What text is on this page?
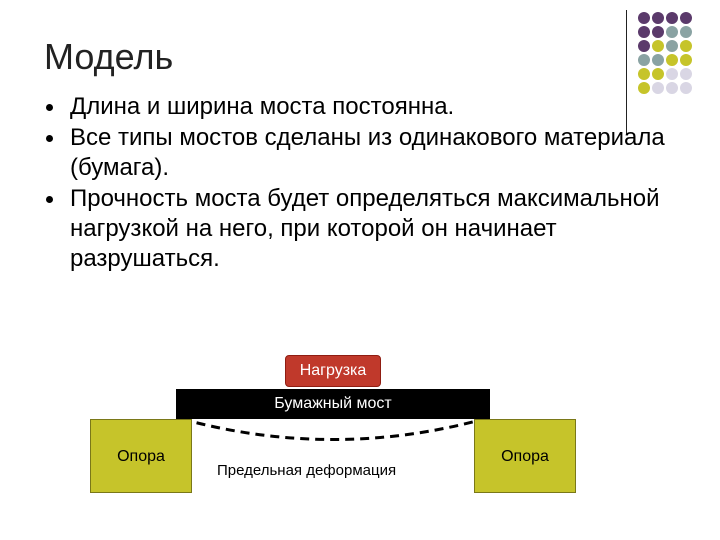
Модель
Длина и ширина моста постоянна.
Все типы мостов сделаны из одинакового материала (бумага).
Прочность моста будет определяться максимальной нагрузкой на него, при которой он начинает разрушаться.
Нагрузка
Бумажный мост
Опора	Опора
Предельная деформация
